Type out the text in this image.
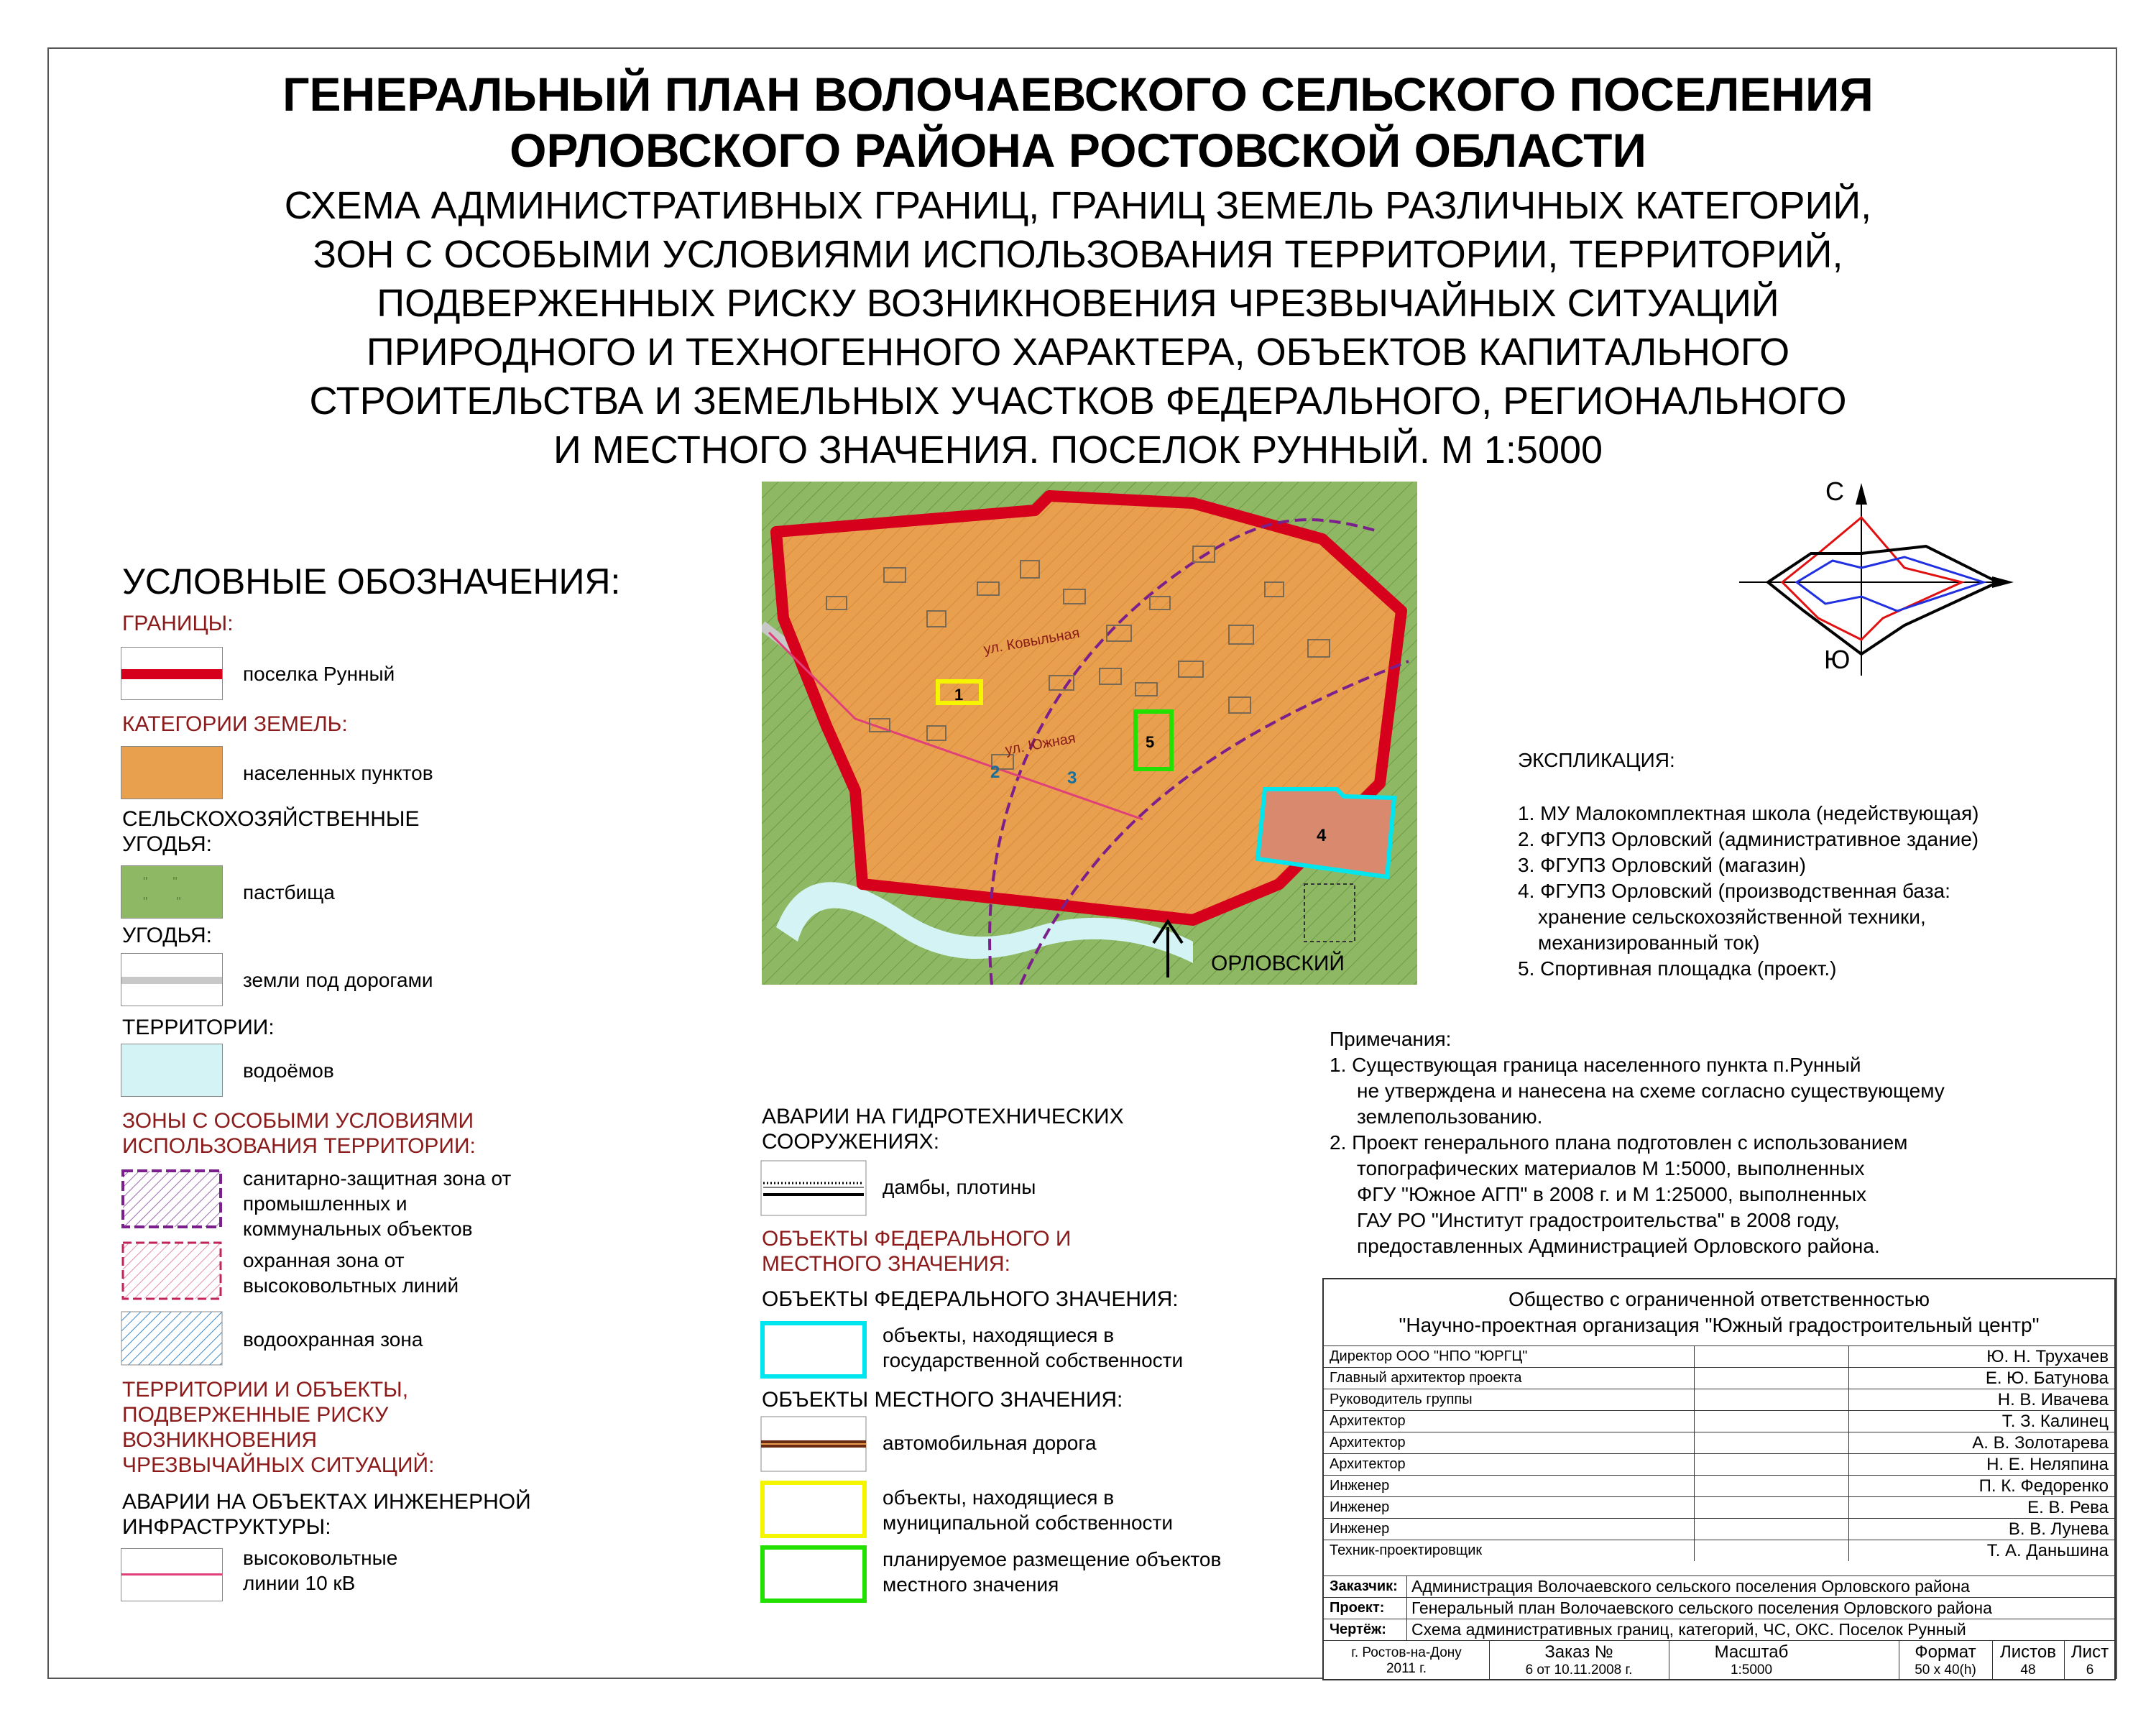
ГЕНЕРАЛЬНЫЙ ПЛАН ВОЛОЧАЕВСКОГО СЕЛЬСКОГО ПОСЕЛЕНИЯ
ОРЛОВСКОГО РАЙОНА РОСТОВСКОЙ ОБЛАСТИ
СХЕМА АДМИНИСТРАТИВНЫХ ГРАНИЦ, ГРАНИЦ ЗЕМЕЛЬ РАЗЛИЧНЫХ КАТЕГОРИЙ,
ЗОН С ОСОБЫМИ УСЛОВИЯМИ ИСПОЛЬЗОВАНИЯ ТЕРРИТОРИИ, ТЕРРИТОРИЙ,
ПОДВЕРЖЕННЫХ РИСКУ ВОЗНИКНОВЕНИЯ ЧРЕЗВЫЧАЙНЫХ СИТУАЦИЙ
ПРИРОДНОГО И ТЕХНОГЕННОГО ХАРАКТЕРА, ОБЪЕКТОВ КАПИТАЛЬНОГО
СТРОИТЕЛЬСТВА И ЗЕМЕЛЬНЫХ УЧАСТКОВ ФЕДЕРАЛЬНОГО, РЕГИОНАЛЬНОГО
И МЕСТНОГО ЗНАЧЕНИЯ. ПОСЕЛОК РУННЫЙ. М 1:5000
УСЛОВНЫЕ ОБОЗНАЧЕНИЯ:
ГРАНИЦЫ:
поселка Рунный
КАТЕГОРИИ ЗЕМЕЛЬ:
населенных пунктов
СЕЛЬСКОХОЗЯЙСТВЕННЫЕ УГОДЬЯ:
"       "
"        "	пастбища
УГОДЬЯ:
земли под дорогами
ТЕРРИТОРИИ:
водоёмов
ЗОНЫ С ОСОБЫМИ УСЛОВИЯМИ ИСПОЛЬЗОВАНИЯ ТЕРРИТОРИИ:
санитарно-защитная зона от промышленных и коммунальных объектов
охранная зона от высоковольтных линий
водоохранная зона
ТЕРРИТОРИИ И ОБЪЕКТЫ, ПОДВЕРЖЕННЫЕ РИСКУ ВОЗНИКНОВЕНИЯ ЧРЕЗВЫЧАЙНЫХ СИТУАЦИЙ:
АВАРИИ НА ОБЪЕКТАХ ИНЖЕНЕРНОЙ ИНФРАСТРУКТУРЫ:
высоковольтные линии 10 кВ
АВАРИИ НА ГИДРОТЕХНИЧЕСКИХ СООРУЖЕНИЯХ:
дамбы, плотины
ОБЪЕКТЫ ФЕДЕРАЛЬНОГО И МЕСТНОГО ЗНАЧЕНИЯ:
ОБЪЕКТЫ ФЕДЕРАЛЬНОГО ЗНАЧЕНИЯ:
объекты, находящиеся в государственной собственности
ОБЪЕКТЫ МЕСТНОГО ЗНАЧЕНИЯ:
автомобильная дорога
объекты, находящиеся в муниципальной собственности
планируемое размещение объектов местного значения
ул. Ковыльная
ул. Южная
1
2	3
5
4
ОРЛОВСКИЙ
С
Ю
ЭКСПЛИКАЦИЯ:
1. МУ Малокомплектная школа (недействующая)
2. ФГУПЗ Орловский (административное здание)
3. ФГУПЗ Орловский (магазин)
4. ФГУПЗ Орловский (производственная база:
хранение сельскохозяйственной техники,
механизированный ток)
5. Спортивная площадка (проект.)
Примечания:
1. Существующая граница населенного пункта п.Рунный
не утверждена и нанесена на схеме согласно существующему
землепользованию.
2. Проект генерального плана подготовлен с использованием
топографических материалов М 1:5000, выполненных
ФГУ "Южное АГП" в 2008 г. и М 1:25000, выполненных
ГАУ РО "Институт градостроительства" в 2008 году,
предоставленных Администрацией Орловского района.
Общество с ограниченной ответственностью
"Научно-проектная организация "Южный градостроительный центр"
Директор ООО "НПО "ЮРГЦ"	Ю. Н. Трухачев
Главный архитектор проекта	Е. Ю. Батунова
Руководитель группы	Н. В. Ивачева
Архитектор	Т. З. Калинец
Архитектор	А. В. Золотарева
Архитектор	Н. Е. Неляпина
Инженер	П. К. Федоренко
Инженер	Е. В. Рева
Инженер	В. В. Лунева
Техник-проектировщик	Т. А. Даньшина
Заказчик: Администрация Волочаевского сельского поселения Орловского района
Проект: Генеральный план Волочаевского сельского поселения Орловского района
Чертёж: Схема административных границ, категорий, ЧС, ОКС. Поселок Рунный
г. Ростов-на-Дону
2011 г.
Заказ №
6 от 10.11.2008 г.
Масштаб
1:5000
Формат
50 х 40(h)
Листов
48
Лист
6
